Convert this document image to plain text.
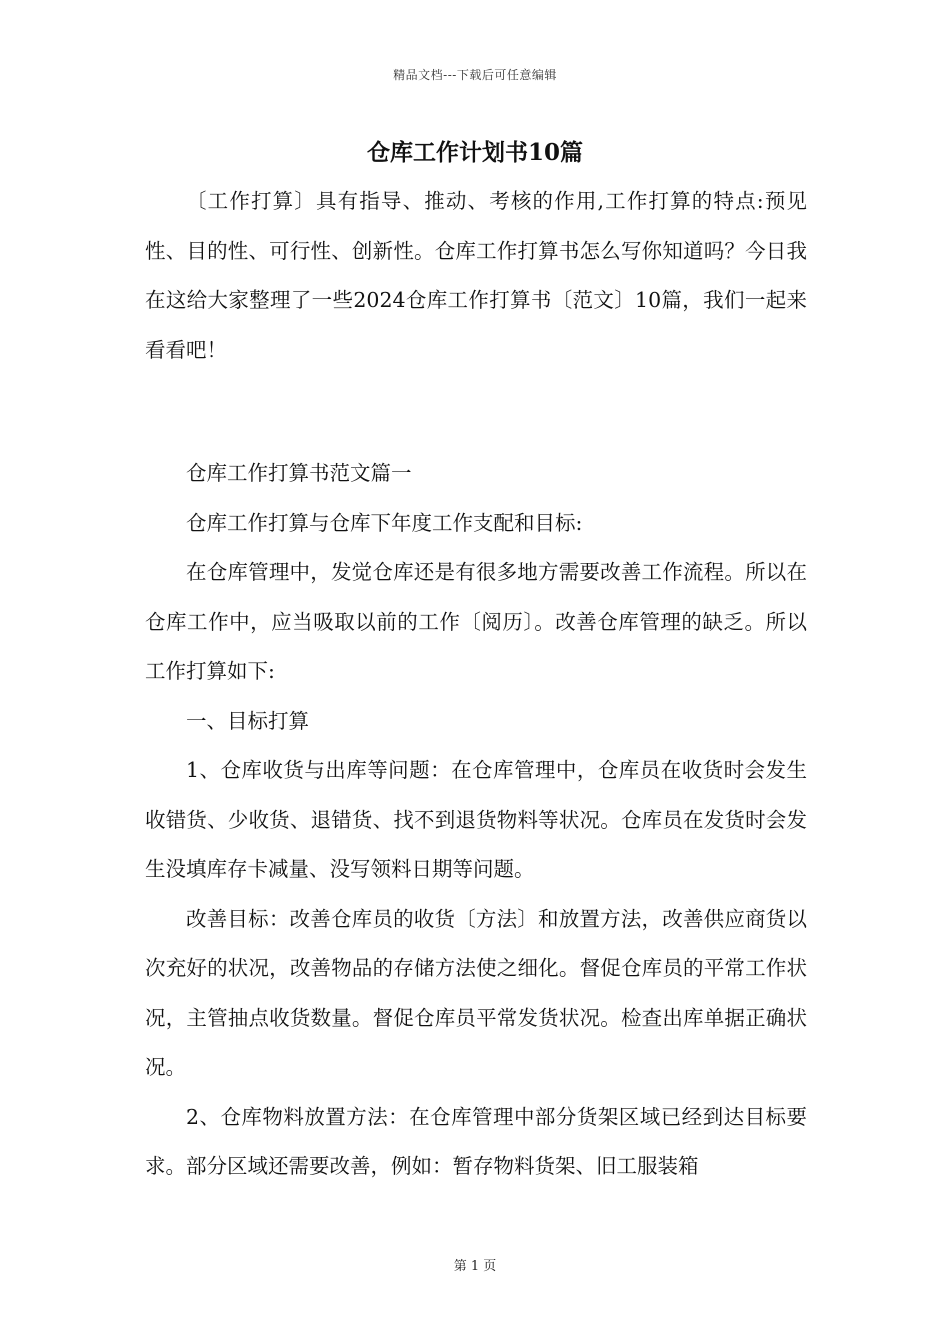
精品文档---下载后可任意编辑
仓库工作计划书10篇

〔工作打算〕具有指导、推动、考核的作用,工作打算的特点:预见性、目的性、可行性、创新性。仓库工作打算书怎么写你知道吗？今日我在这给大家整理了一些2024仓库工作打算书〔范文〕10篇，我们一起来看看吧！

仓库工作打算书范文篇一

仓库工作打算与仓库下年度工作支配和目标:

在仓库管理中，发觉仓库还是有很多地方需要改善工作流程。所以在仓库工作中，应当吸取以前的工作〔阅历〕。改善仓库管理的缺乏。所以工作打算如下:

一、目标打算

1、仓库收货与出库等问题：在仓库管理中，仓库员在收货时会发生收错货、少收货、退错货、找不到退货物料等状况。仓库员在发货时会发生没填库存卡减量、没写领料日期等问题。

改善目标：改善仓库员的收货〔方法〕和放置方法，改善供应商货以次充好的状况，改善物品的存储方法使之细化。督促仓库员的平常工作状况，主管抽点收货数量。督促仓库员平常发货状况。检查出库单据正确状况。

2、仓库物料放置方法：在仓库管理中部分货架区域已经到达目标要求。部分区域还需要改善，例如：暂存物料货架、旧工服装箱

第 1 页
